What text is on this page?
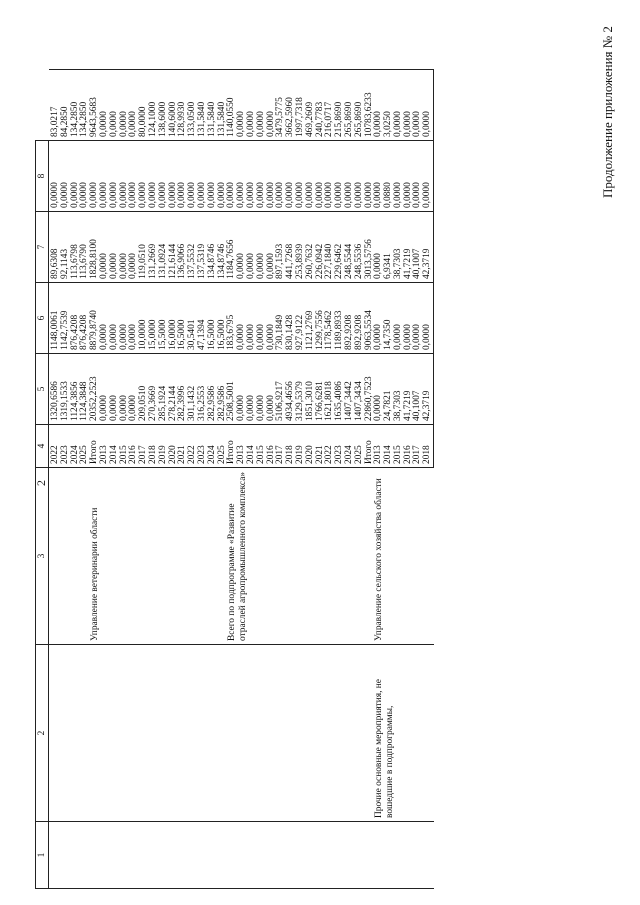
2
Продолжение приложения № 2
1	2	3	4	5	6	7	8	
			2022	1320,6586	1148,0061	89,6308	0,0000	83,0217
			2023	1319,1533	1142,7539	92,1143	0,0000	84,2850
			2024	1124,3856	876,4208	113,6798	0,0000	134,2850
			2025	1124,3848	876,4208	113,6790	0,0000	134,2850
		Управление ветеринарии области	Итого	20352,2523	8879,8740	1828,8100	0,0000	9643,5683
			2013	0,0000	0,0000	0,0000	0,0000	0,0000
			2014	0,0000	0,0000	0,0000	0,0000	0,0000
			2015	0,0000	0,0000	0,0000	0,0000	0,0000
			2016	0,0000	0,0000	0,0000	0,0000	0,0000
			2017	209,0510	10,0000	119,0510	0,0000	80,0000
			2018	270,3669	15,0000	131,2669	0,0000	124,1000
			2019	285,1924	15,5000	131,0924	0,0000	138,6000
			2020	278,2144	16,0000	121,6144	0,0000	140,6000
			2021	282,3996	16,5000	136,9066	0,0000	128,9930
			2022	301,1432	30,5401	137,5532	0,0000	133,0500
			2023	316,2553	47,1394	137,5319	0,0000	131,5840
			2024	282,9586	16,5000	134,8746	0,0000	131,5840
			2025	282,9586	16,5000	134,8746	0,0000	131,5840
		Всего по подпрограмме «Развитие отраслей агропромышленного комплекса»	Итого	2508,5001	183,6795	1184,7656	0,0000	1140,0550
			2013	0,0000	0,0000	0,0000	0,0000	0,0000
			2014	0,0000	0,0000	0,0000	0,0000	0,0000
			2015	0,0000	0,0000	0,0000	0,0000	0,0000
			2016	0,0000	0,0000	0,0000	0,0000	0,0000
			2017	5106,9217	730,1849	897,1593	0,0000	3479,5775
			2018	4934,4656	830,1428	441,7268	0,0000	3662,5960
			2019	3129,5379	927,9122	253,8939	0,0000	1997,7318
			2020	1851,3010	1121,2769	260,7632	0,0000	469,2609
			2021	1766,6281	1299,7556	226,0942	0,0000	240,7783
			2022	1621,8018	1178,5462	227,1840	0,0000	216,0717
			2023	1635,4086	1189,8933	229,6462	0,0000	215,8690
			2024	1407,3442	892,9208	248,5544	0,0000	265,8690
			2025	1407,3434	892,9208	248,5536	0,0000	265,8690
			Итого	22860,7523	9063,5534	3013,5756	0,0000	10783,6233
	Прочие основные мероприятия, не вошедшие в подпрограммы,	Управление сельского хозяйства области	2013	0,0000	0,0000	0,0000	0,0000	0,0000
			2014	24,7821	14,7350	6,9341	0,0880	3,0250
			2015	38,7303	0,0000	38,7303	0,0000	0,0000
			2016	41,7219	0,0000	41,7219	0,0000	0,0000
			2017	40,1007	0,0000	40,1007	0,0000	0,0000
			2018	42,3719	0,0000	42,3719	0,0000	0,0000
